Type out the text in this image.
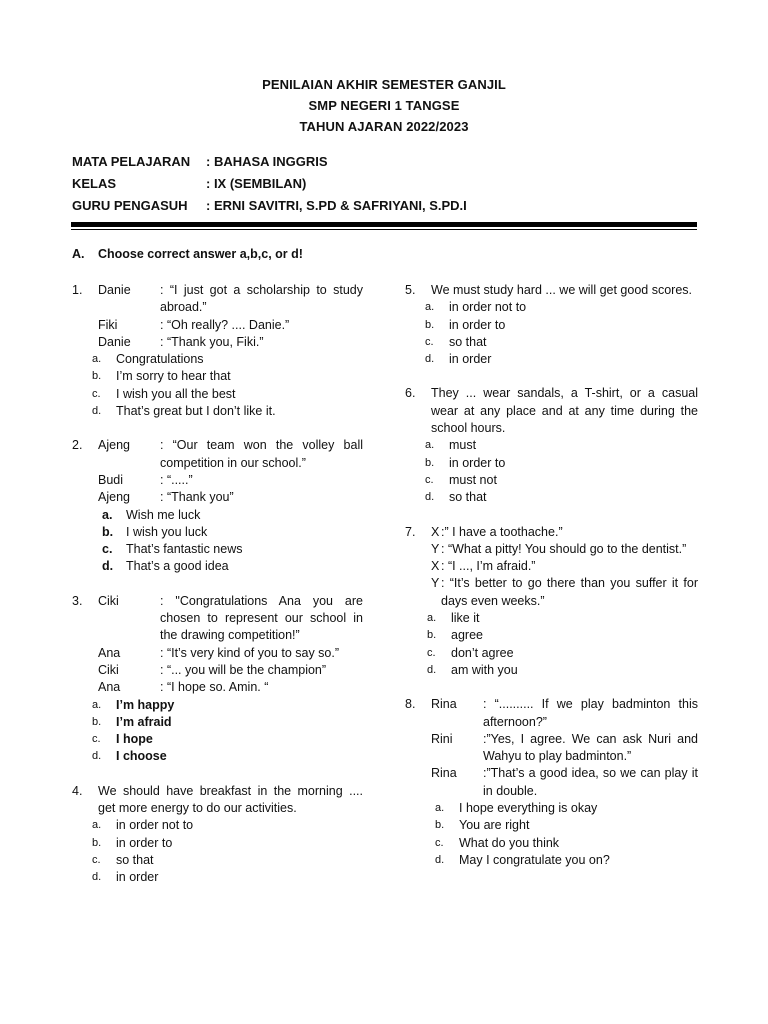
PENILAIAN AKHIR SEMESTER GANJIL
SMP NEGERI 1 TANGSE
TAHUN AJARAN 2022/2023
MATA PELAJARAN	: BAHASA INGGRIS
KELAS	: IX (SEMBILAN)
GURU PENGASUH	: ERNI SAVITRI, S.PD & SAFRIYANI, S.PD.I
A. Choose correct answer a,b,c, or d!
1.	Danie	: “I just got a scholarship to study abroad.”
Fiki	: “Oh really? .... Danie.”
Danie	: “Thank you, Fiki.”
a.	Congratulations
b.	I’m sorry to hear that
c.	I wish you all the best
d.	That’s great but I don’t like it.
2.	Ajeng	: “Our team won the volley ball competition in our school.”
Budi	: “.....”
Ajeng	: “Thank you”
a.	Wish me luck
b.	I wish you luck
c.	That’s fantastic news
d.	That’s a good idea
3.	Ciki	: "Congratulations Ana you are chosen to represent our school in the drawing competition!”
Ana	: “It’s very kind of you to say so.”
Ciki	: “... you will be the champion”
Ana	: “I hope so. Amin. “
a.	I’m happy
b.	I’m afraid
c.	I hope
d.	I choose
4.	We should have breakfast in the morning .... get more energy to do our activities.
a.	in order not to
b.	in order to
c.	so that
d.	in order
5.	We must study hard ... we will get good scores.
a.	in order not to
b.	in order to
c.	so that
d.	in order
6.	They ... wear sandals, a T-shirt, or a casual wear at any place and at any time during the school hours.
a.	must
b.	in order to
c.	must not
d.	so that
7.	X :” I have a toothache.”
Y : “What a pitty! You should go to the dentist.”
X : “I ..., I’m afraid.”
Y : “It’s better to go there than you suffer it for days even weeks.”
a.	like it
b.	agree
c.	don’t agree
d.	am with you
8.	Rina	: “.......... If we play badminton this afternoon?”
Rini	:”Yes, I agree. We can ask Nuri and Wahyu to play badminton.”
Rina	:”That’s a good idea, so we can play it in double.
a.	I hope everything is okay
b.	You are right
c.	What do you think
d.	May I congratulate you on?
